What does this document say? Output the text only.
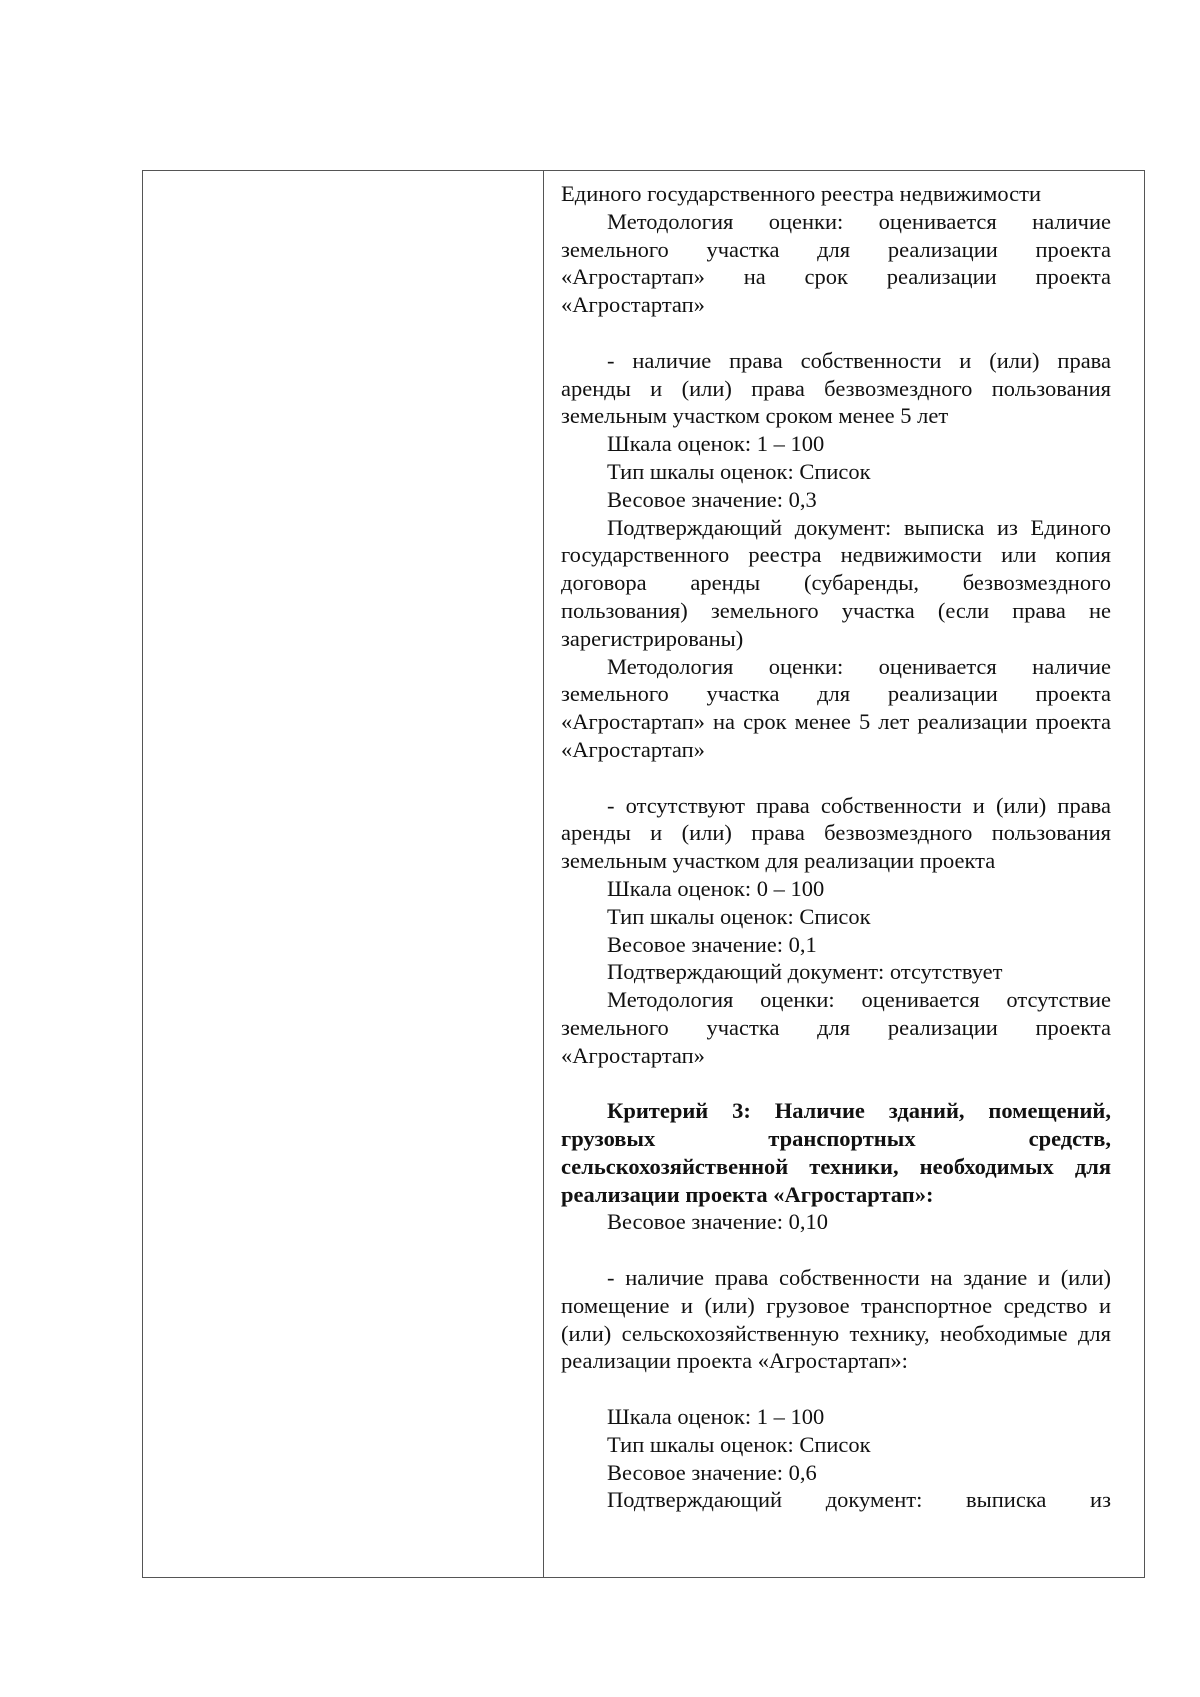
Единого государственного реестра недвижимости

Методология оценки: оценивается наличие земельного участка для реализации проекта «Агростартап» на срок реализации проекта «Агростартап»

- наличие права собственности и (или) права аренды и (или) права безвозмездного пользования земельным участком сроком менее 5 лет

Шкала оценок: 1 – 100

Тип шкалы оценок: Список

Весовое значение: 0,3

Подтверждающий документ: выписка из Единого государственного реестра недвижимости или копия договора аренды (субаренды, безвозмездного пользования) земельного участка (если права не зарегистрированы)

Методология оценки: оценивается наличие земельного участка для реализации проекта «Агростартап» на срок менее 5 лет реализации проекта «Агростартап»

- отсутствуют права собственности и (или) права аренды и (или) права безвозмездного пользования земельным участком для реализации проекта

Шкала оценок: 0 – 100

Тип шкалы оценок: Список

Весовое значение: 0,1

Подтверждающий документ: отсутствует

Методология оценки: оценивается отсутствие земельного участка для реализации проекта «Агростартап»

Критерий 3: Наличие зданий, помещений, грузовых транспортных средств, сельскохозяйственной техники, необходимых для реализации проекта «Агростартап»:

Весовое значение: 0,10

- наличие права собственности на здание и (или) помещение и (или) грузовое транспортное средство и (или) сельскохозяйственную технику, необходимые для реализации проекта «Агростартап»:

Шкала оценок: 1 – 100

Тип шкалы оценок: Список

Весовое значение: 0,6

Подтверждающий документ: выписка из
